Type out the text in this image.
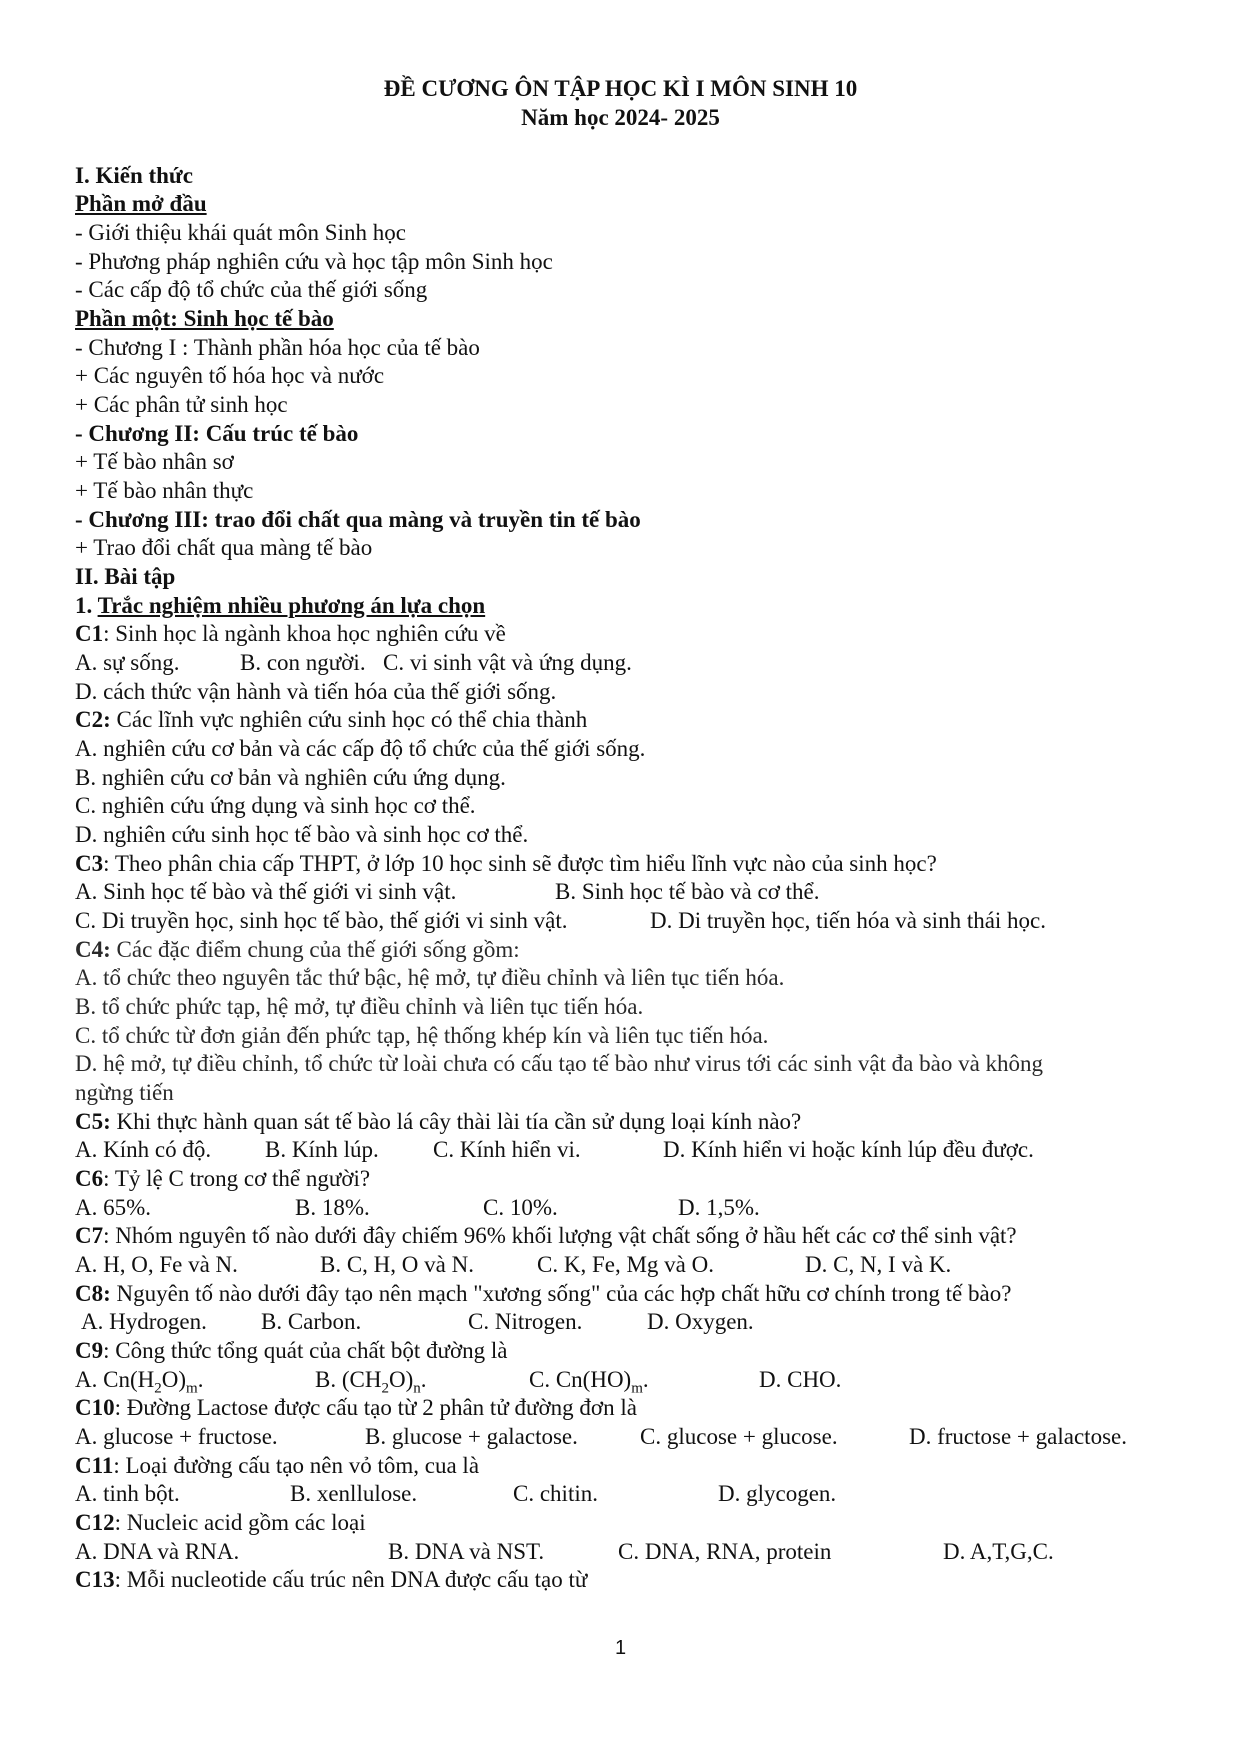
ĐỀ CƯƠNG ÔN TẬP HỌC KÌ I MÔN SINH 10
Năm học 2024- 2025
I. Kiến thức
Phần mở đầu
- Giới thiệu khái quát môn Sinh học
- Phương pháp nghiên cứu và học tập môn Sinh học
- Các cấp độ tổ chức của thế giới sống
Phần một: Sinh học tế bào
- Chương I : Thành phần hóa học của tế bào
+ Các nguyên tố hóa học và nước
+ Các phân tử sinh học
- Chương II: Cấu trúc tế bào
+ Tế bào nhân sơ
+ Tế bào nhân thực
- Chương III: trao đổi chất qua màng và truyền tin tế bào
+ Trao đổi chất qua màng tế bào
II. Bài tập
1. Trắc nghiệm nhiều phương án lựa chọn
C1: Sinh học là ngành khoa học nghiên cứu về
A. sự sống.	B. con người. C. vi sinh vật và ứng dụng.
D. cách thức vận hành và tiến hóa của thế giới sống.
C2: Các lĩnh vực nghiên cứu sinh học có thể chia thành
A. nghiên cứu cơ bản và các cấp độ tổ chức của thế giới sống.
B. nghiên cứu cơ bản và nghiên cứu ứng dụng.
C. nghiên cứu ứng dụng và sinh học cơ thể.
D. nghiên cứu sinh học tế bào và sinh học cơ thể.
C3: Theo phân chia cấp THPT, ở lớp 10 học sinh sẽ được tìm hiểu lĩnh vực nào của sinh học?
A. Sinh học tế bào và thế giới vi sinh vật.	B. Sinh học tế bào và cơ thể.
C. Di truyền học, sinh học tế bào, thế giới vi sinh vật.	D. Di truyền học, tiến hóa và sinh thái học.
C4: Các đặc điểm chung của thế giới sống gồm:
A. tổ chức theo nguyên tắc thứ bậc, hệ mở, tự điều chỉnh và liên tục tiến hóa.
B. tổ chức phức tạp, hệ mở, tự điều chỉnh và liên tục tiến hóa.
C. tổ chức từ đơn giản đến phức tạp, hệ thống khép kín và liên tục tiến hóa.
D. hệ mở, tự điều chỉnh, tổ chức từ loài chưa có cấu tạo tế bào như virus tới các sinh vật đa bào và không
ngừng tiến
C5: Khi thực hành quan sát tế bào lá cây thài lài tía cần sử dụng loại kính nào?
A. Kính có độ. B. Kính lúp. C. Kính hiển vi.	D. Kính hiển vi hoặc kính lúp đều được.
C6: Tỷ lệ C trong cơ thể người?
A. 65%.	B. 18%.	C. 10%.	D. 1,5%.
C7: Nhóm nguyên tố nào dưới đây chiếm 96% khối lượng vật chất sống ở hầu hết các cơ thể sinh vật?
A. H, O, Fe và N.	B. C, H, O và N.	C. K, Fe, Mg và O.	D. C, N, I và K.
C8: Nguyên tố nào dưới đây tạo nên mạch "xương sống" của các hợp chất hữu cơ chính trong tế bào?
A. Hydrogen. B. Carbon.	C. Nitrogen.	D. Oxygen.
C9: Công thức tổng quát của chất bột đường là
A. $Cn(H_2O)_m$.	B. $(CH_2O)_n$.	C. $Cn(HO)_m$.	D. CHO.
C10: Đường Lactose được cấu tạo từ 2 phân tử đường đơn là
A. glucose + fructose.	B. glucose + galactose.	C. glucose + glucose.	D. fructose + galactose.
C11: Loại đường cấu tạo nên vỏ tôm, cua là
A. tinh bột.	B. xenllulose.	C. chitin.	D. glycogen.
C12: Nucleic acid gồm các loại
A. DNA và RNA.	B. DNA và NST.	C. DNA, RNA, protein	D. A,T,G,C.
C13: Mỗi nucleotide cấu trúc nên DNA được cấu tạo từ
1
